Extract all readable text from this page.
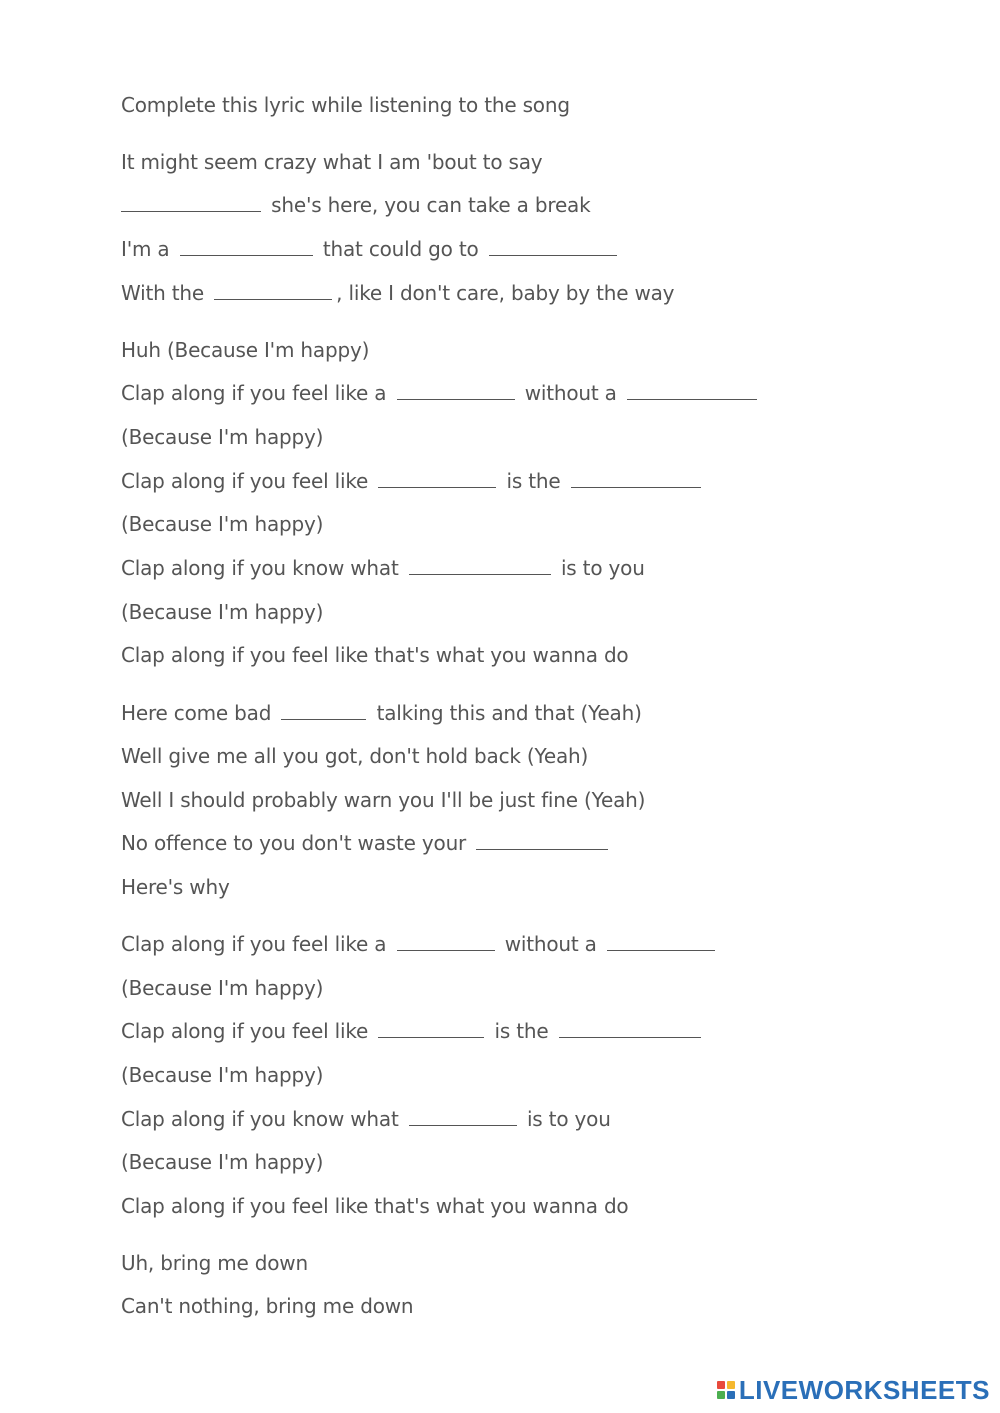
Complete this lyric while listening to the song

It might seem crazy what I am 'bout to say

she's here, you can take a break

I'm a	that could go to

With the	, like I don't care, baby by the way

Huh (Because I'm happy)

Clap along if you feel like a	without a

(Because I'm happy)

Clap along if you feel like	is the

(Because I'm happy)

Clap along if you know what	is to you

(Because I'm happy)

Clap along if you feel like that's what you wanna do

Here come bad	talking this and that (Yeah)

Well give me all you got, don't hold back (Yeah)

Well I should probably warn you I'll be just fine (Yeah)

No offence to you don't waste your

Here's why

Clap along if you feel like a	without a

(Because I'm happy)

Clap along if you feel like	is the

(Because I'm happy)

Clap along if you know what	is to you

(Because I'm happy)

Clap along if you feel like that's what you wanna do

Uh, bring me down

Can't nothing, bring me down

LIVEWORKSHEETS
